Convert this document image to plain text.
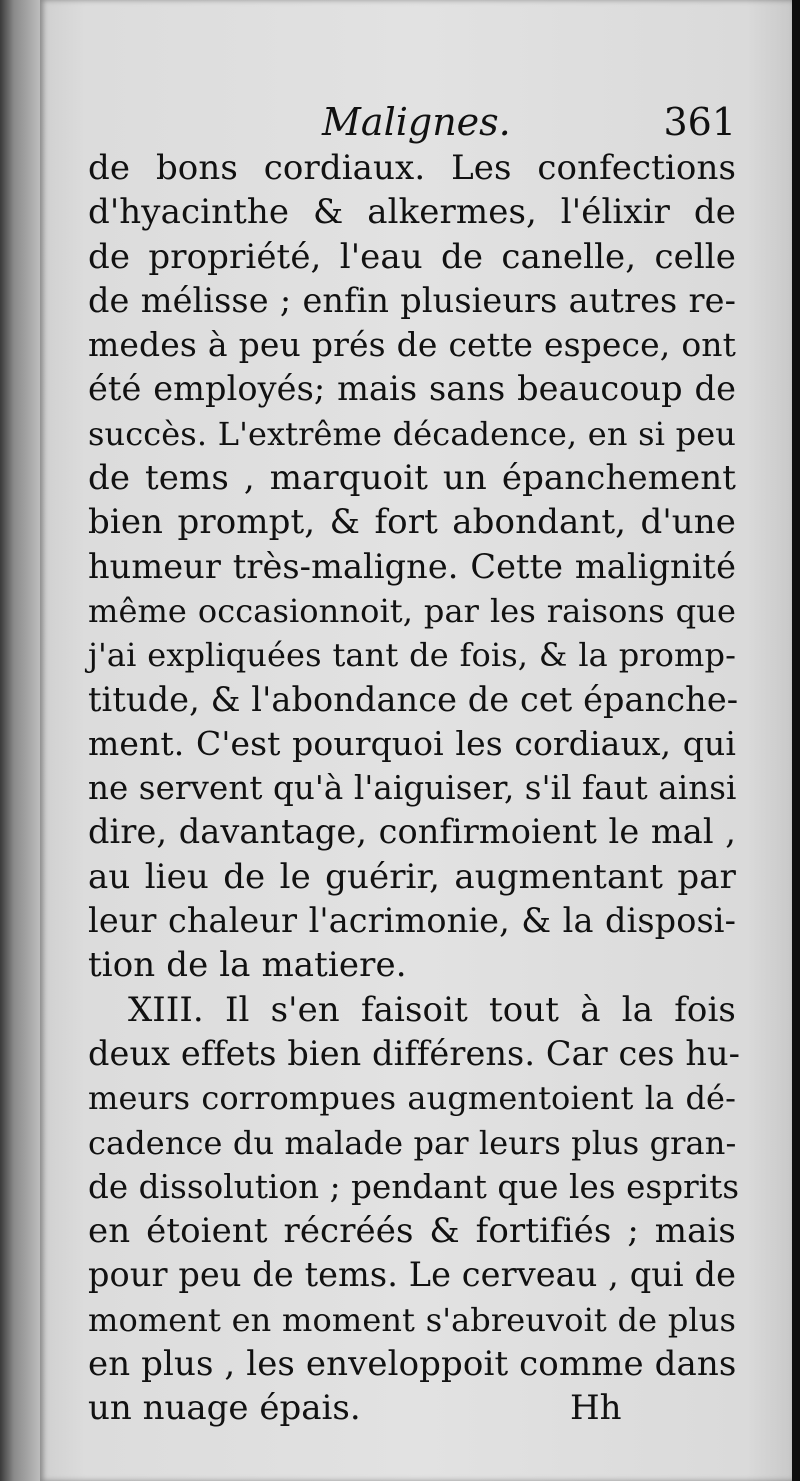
Malignes.	361
de bons cordiaux. Les confections
d'hyacinthe & alkermes, l'élixir de
de propriété, l'eau de canelle, celle
de mélisse ; enfin plusieurs autres re-
medes à peu prés de cette espece, ont
été employés; mais sans beaucoup de
succès. L'extrême décadence, en si peu
de tems , marquoit un épanchement
bien prompt, & fort abondant, d'une
humeur très-maligne. Cette malignité
même occasionnoit, par les raisons que
j'ai expliquées tant de fois, & la promp-
titude, & l'abondance de cet épanche-
ment. C'est pourquoi les cordiaux, qui
ne servent qu'à l'aiguiser, s'il faut ainsi
dire, davantage, confirmoient le mal ,
au lieu de le guérir, augmentant par
leur chaleur l'acrimonie, & la disposi-
tion de la matiere.
XIII. Il s'en faisoit tout à la fois
deux effets bien différens. Car ces hu-
meurs corrompues augmentoient la dé-
cadence du malade par leurs plus gran-
de dissolution ; pendant que les esprits
en étoient récréés & fortifiés ; mais
pour peu de tems. Le cerveau , qui de
moment en moment s'abreuvoit de plus
en plus , les enveloppoit comme dans
un nuage épais.	Hh
